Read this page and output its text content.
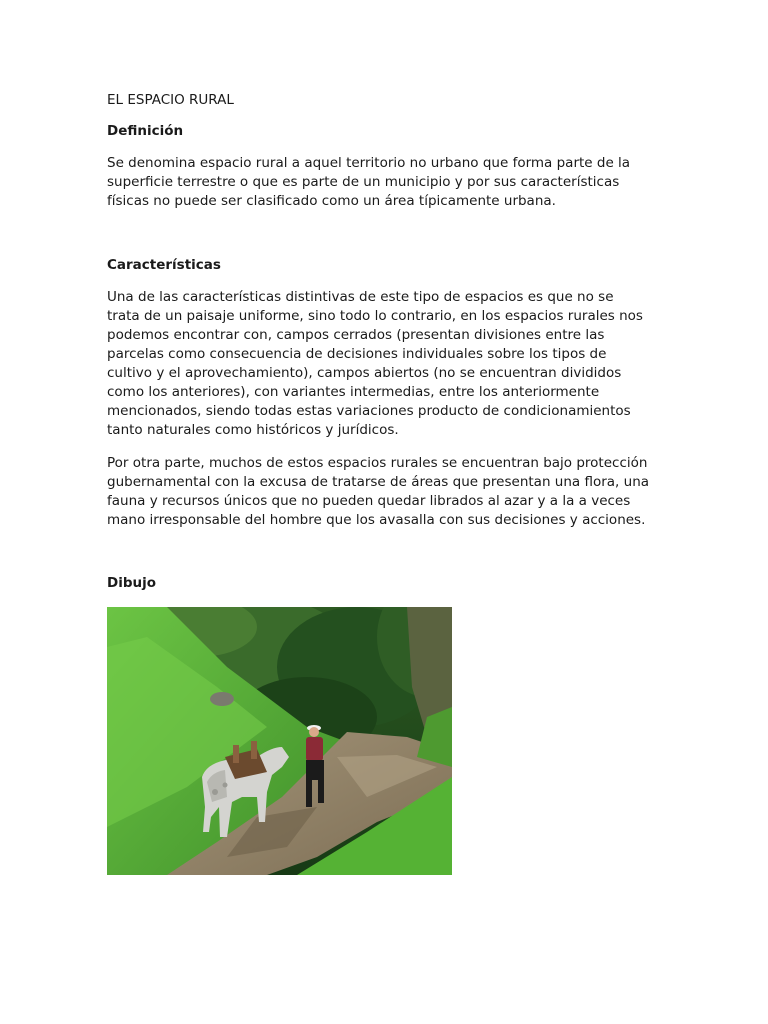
EL ESPACIO RURAL
Definición

Se denomina espacio rural a aquel territorio no urbano que forma parte de la
superficie terrestre o que es parte de un municipio y por sus características
físicas no puede ser clasificado como un área típicamente urbana.

Características

Una de las características distintivas de este tipo de espacios es que no se
trata de un paisaje uniforme, sino todo lo contrario, en los espacios rurales nos
podemos encontrar con, campos cerrados (presentan divisiones entre las
parcelas como consecuencia de decisiones individuales sobre los tipos de
cultivo y el aprovechamiento), campos abiertos (no se encuentran divididos
como los anteriores), con variantes intermedias, entre los anteriormente
mencionados, siendo todas estas variaciones producto de condicionamientos
tanto naturales como históricos y jurídicos.

Por otra parte, muchos de estos espacios rurales se encuentran bajo protección
gubernamental con la excusa de tratarse de áreas que presentan una flora, una
fauna y recursos únicos que no pueden quedar librados al azar y a la a veces
mano irresponsable del hombre que los avasalla con sus decisiones y acciones.

Dibujo
